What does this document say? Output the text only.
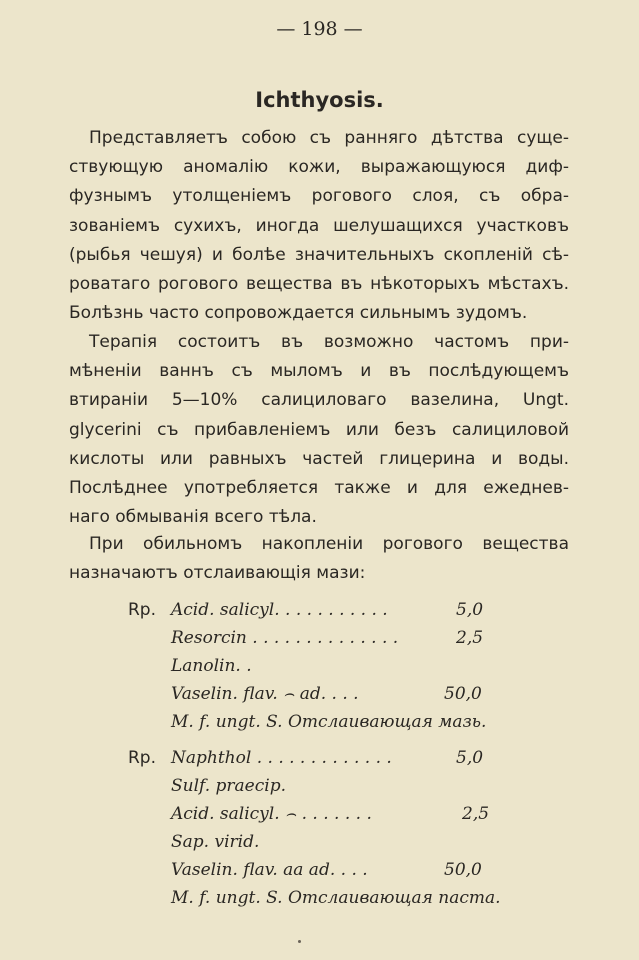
— 198 —
Ichthyosis.
Представляетъ собою съ ранняго дѣтства суще-
ствующую аномалію кожи, выражающуюся диф-
фузнымъ утолщеніемъ рогового слоя, съ обра-
зованіемъ сухихъ, иногда шелушащихся участковъ
(рыбья чешуя) и болѣе значительныхъ скопленій сѣ-
роватаго рогового вещества въ нѣкоторыхъ мѣстахъ.
Болѣзнь часто сопровождается сильнымъ зудомъ.
Терапія состоитъ въ возможно частомъ при-
мѣненіи ваннъ съ мыломъ и въ послѣдующемъ
втираніи 5—10% салициловаго вазелина, Ungt.
glycerini съ прибавленіемъ или безъ салициловой
кислоты или равныхъ частей глицерина и воды.
Послѣднее употребляется также и для ежеднев-
наго обмыванія всего тѣла.
При обильномъ накопленіи рогового вещества
назначаютъ отслаивающія мази:
Rp. Acid. salicyl. . . . . . . . . . .	5,0
Resorcin . . . . . . . . . . . . . .	2,5
Lanolin. .
Vaselin. flav. ⌢ ad. . . .	50,0
M. f. ungt. S. Отслаивающая мазь.
Rp. Naphthol . . . . . . . . . . . . .	5,0
Sulf. praecip.
Acid. salicyl. ⌢ . . . . . . .	2,5
Sap. virid.
Vaselin. flav. aa ad. . . .	50,0
M. f. ungt. S. Отслаивающая паста.
